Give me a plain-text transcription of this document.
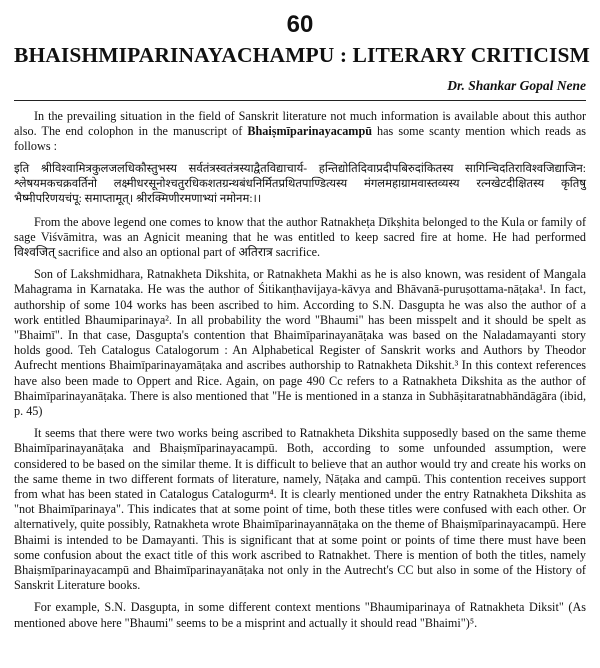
60
BHAISHMIPARINAYACHAMPU : LITERARY CRITICISM
Dr. Shankar Gopal Nene

In the prevailing situation in the field of Sanskrit literature not much information is available about this author also. The end colophon in the manuscript of Bhaiṣmīparinayacampū has some scanty mention which reads as follows :

इति श्रीविश्वामित्रकुलजलधिकौस्तुभस्य सर्वतंत्रस्वतंत्रस्याद्वैतविद्याचार्य- हन्तिद्योतिदिवाप्रदीपबिरुदांकितस्य सागिन्चिदतिराविश्वजिद्याजिन: श्लेषयमकचक्रवर्तिनो लक्ष्मीधरसूनोश्चतुरधिकशतग्रन्थबंधनिर्मितप्रथितपाण्डित्यस्य मंगलमहाग्रामवास्तव्यस्य रत्नखेटदीक्षितस्य कृतिषु भैष्मीपरिणयचंपू: समाप्तामूत्। श्रीरक्मिणीरमणाभ्यां नमोनम:।।

From the above legend one comes to know that the author Ratnakheṭa Dīkṣhita belonged to the Kula or family of sage Viśvāmitra, was an Agnicit meaning that he was entitled to keep sacred fire at home. He had performed विश्वजित् sacrifice and also an optional part of अतिरात्र sacrifice.

Son of Lakshmidhara, Ratnakheta Dikshita, or Ratnakheta Makhi as he is also known, was resident of Mangala Mahagrama in Karnataka. He was the author of Śitikanṭhavijaya-kāvya and Bhāvanā-puruṣottama-nāṭaka¹. In fact, authorship of some 104 works has been ascribed to him. According to S.N. Dasgupta he was also the author of a work entitled Bhaumiparinaya². In all probability the word "Bhaumi" has been misspelt and it should be spelt as "Bhaimī". In that case, Dasgupta's contention that Bhaimīparinayanāṭaka was based on the Naladamayanti story holds good. Teh Catalogus Catalogorum : An Alphabetical Register of Sanskrit works and Authors by Theodor Aufrecht mentions Bhaimīparinayamāṭaka and ascribes authorship to Ratnakheta Dikshit.³ In this context references have also been made to Oppert and Rice. Again, on page 490 Cc refers to a Ratnakheta Dikshita as the author of Bhaimīparinayanāṭaka. There is also mentioned that "He is mentioned in a stanza in Subhāṣitaratnabhāndāgāra (ibid, p. 45)

It seems that there were two works being ascribed to Ratnakheta Dikshita supposedly based on the same theme Bhaimīparinayanāṭaka and Bhaiṣmīparinayacampū. Both, according to some unfounded assumption, were considered to be based on the similar theme. It is difficult to believe that an author would try and create his works on the same theme in two different formats of literature, namely, Nāṭaka and campū. This contention receives support from what has been stated in Catalogus Catalogurm⁴. It is clearly mentioned under the entry Ratnakheta Dikshita as "not Bhaimīparinaya". This indicates that at some point of time, both these titles were confused with each other. Or alternatively, quite possibly, Ratnakheta wrote Bhaimīparinayannāṭaka on the theme of Bhaiṣmīparinayacampū. Here Bhaimi is intended to be Damayanti. This is significant that at some point or points of time there must have been some confusion about the exact title of this work ascribed to Ratnakhet. There is mention of both the titles, namely Bhaiṣmīparinayacampū and Bhaimīparinayanāṭaka not only in the Autrecht's CC but also in some of the History of Sanskrit Literature books.

For example, S.N. Dasgupta, in some different context mentions "Bhaumiparinaya of Ratnakheta Diksit" (As mentioned above here "Bhaumi" seems to be a misprint and actually it should read "Bhaimi")⁵.
